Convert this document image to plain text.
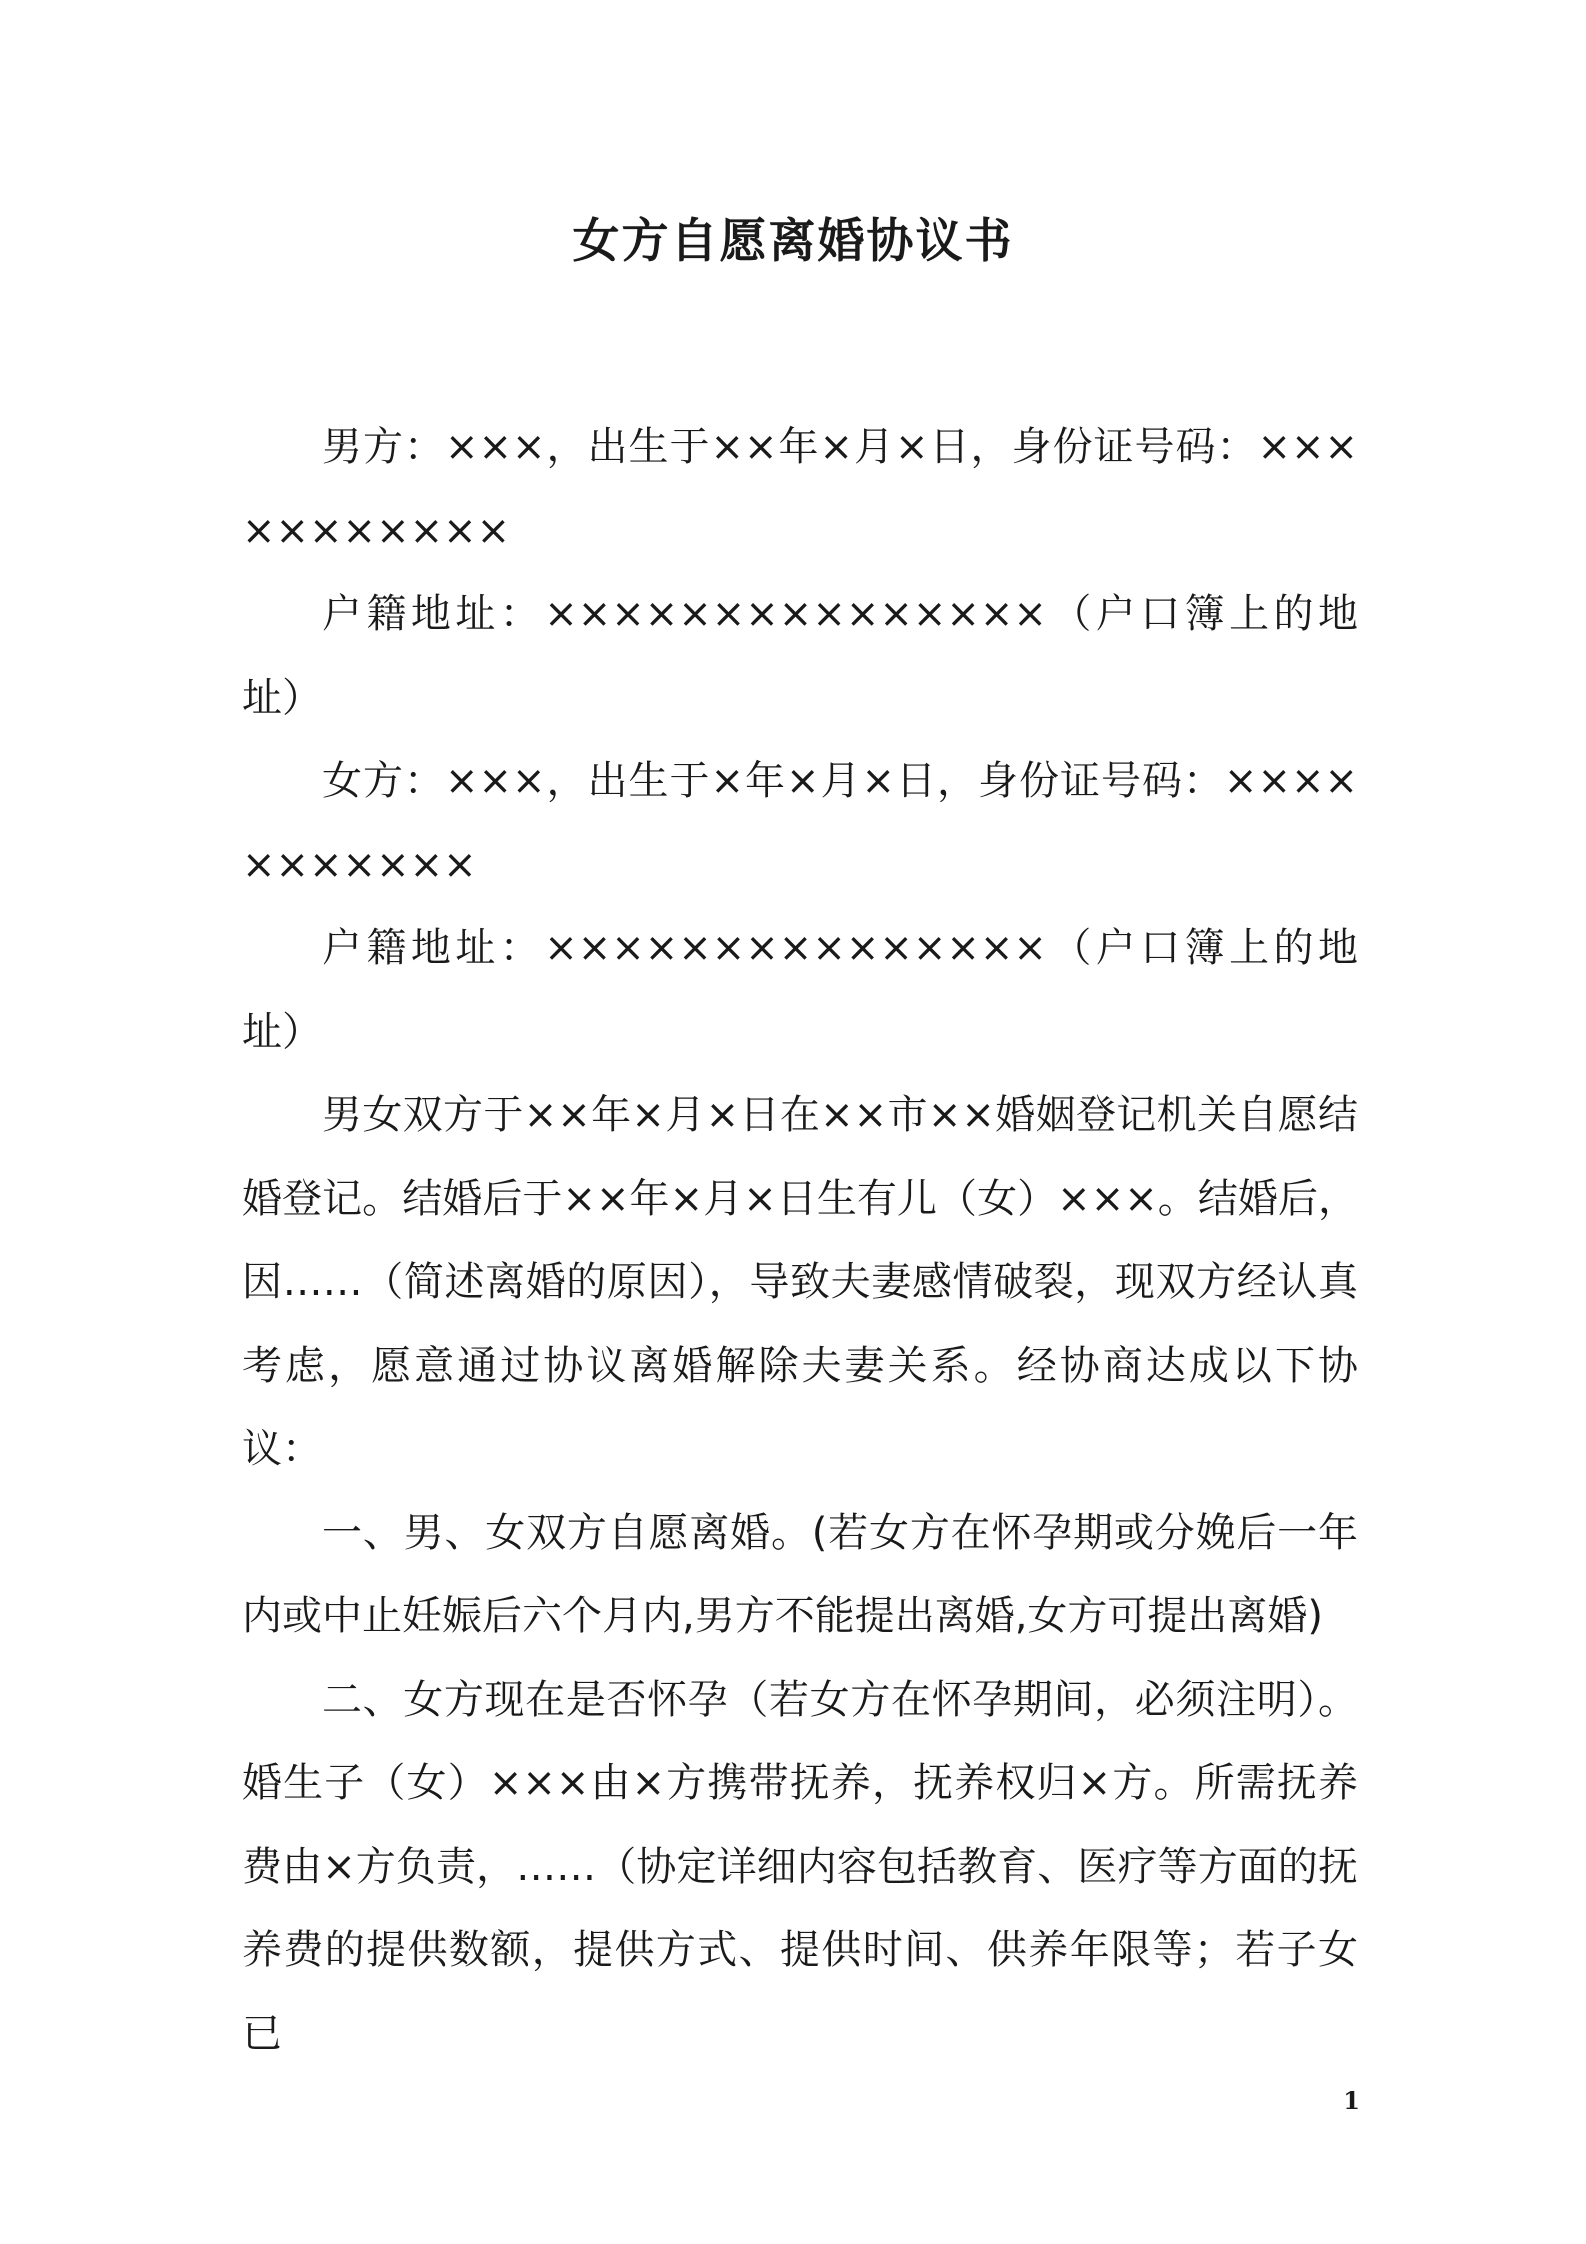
女方自愿离婚协议书

男方：×××，出生于××年×月×日，身份证号码：×××××××××××

户籍地址：×××××××××××××××（户口簿上的地址）

女方：×××，出生于×年×月×日，身份证号码：×××××××××××

户籍地址：×××××××××××××××（户口簿上的地址）

男女双方于××年×月×日在××市××婚姻登记机关自愿结婚登记。结婚后于××年×月×日生有儿（女）×××。结婚后，因……（简述离婚的原因），导致夫妻感情破裂，现双方经认真考虑，愿意通过协议离婚解除夫妻关系。经协商达成以下协议：

一、男、女双方自愿离婚。(若女方在怀孕期或分娩后一年内或中止妊娠后六个月内,男方不能提出离婚,女方可提出离婚)

二、女方现在是否怀孕（若女方在怀孕期间，必须注明）。婚生子（女）×××由×方携带抚养，抚养权归×方。所需抚养费由×方负责，……（协定详细内容包括教育、医疗等方面的抚养费的提供数额，提供方式、提供时间、供养年限等；若子女已

1
